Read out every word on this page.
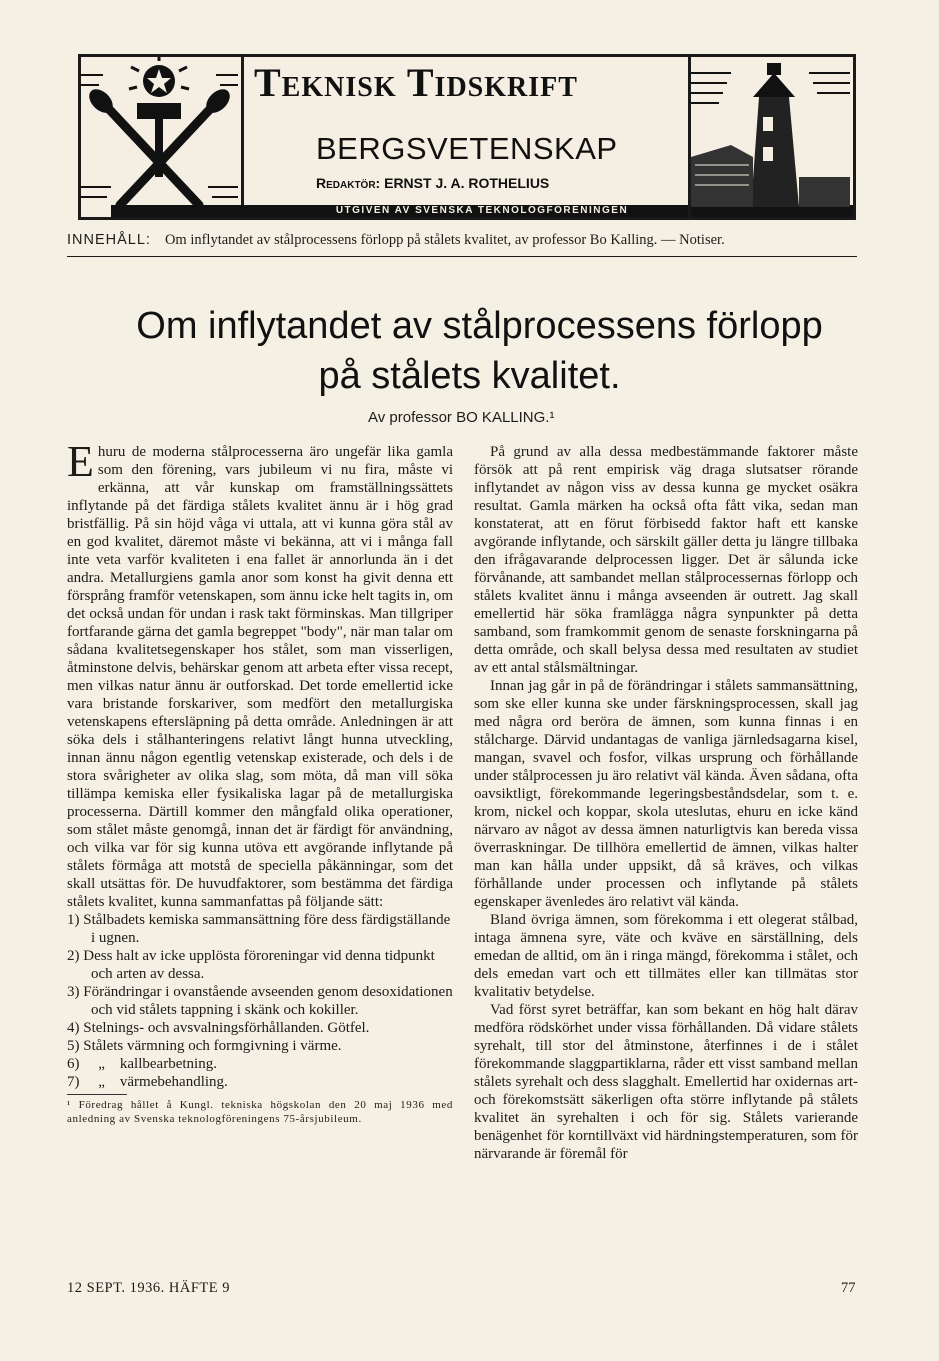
Teknisk Tidskrift
BERGSVETENSKAP
Redaktör: ERNST J. A. ROTHELIUS
UTGIVEN AV SVENSKA TEKNOLOGFÖRENINGEN
INNEHÅLL: Om inflytandet av stålprocessens förlopp på stålets kvalitet, av professor Bo Kalling. — Notiser.
Om inflytandet av stålprocessens förlopp
på stålets kvalitet.
Av professor BO KALLING.¹

Ehuru de moderna stålprocesserna äro ungefär lika gamla som den förening, vars jubileum vi nu fira, måste vi erkänna, att vår kunskap om framställningssättets inflytande på det färdiga stålets kvalitet ännu är i hög grad bristfällig. På sin höjd våga vi uttala, att vi kunna göra stål av en god kvalitet, däremot måste vi bekänna, att vi i många fall inte veta varför kvaliteten i ena fallet är annorlunda än i det andra. Metallurgiens gamla anor som konst ha givit denna ett försprång framför vetenskapen, som ännu icke helt tagits in, om det också undan för undan i rask takt förminskas. Man tillgriper fortfarande gärna det gamla begreppet "body", när man talar om sådana kvalitetsegenskaper hos stålet, som man visserligen, åtminstone delvis, behärskar genom att arbeta efter vissa recept, men vilkas natur ännu är outforskad. Det torde emellertid icke vara bristande forskariver, som medfört den metallurgiska vetenskapens eftersläpning på detta område. Anledningen är att söka dels i stålhanteringens relativt långt hunna utveckling, innan ännu någon egentlig vetenskap existerade, och dels i de stora svårigheter av olika slag, som möta, då man vill söka tillämpa kemiska eller fysikaliska lagar på de metallurgiska processerna. Därtill kommer den mångfald olika operationer, som stålet måste genomgå, innan det är färdigt för användning, och vilka var för sig kunna utöva ett avgörande inflytande på stålets förmåga att motstå de speciella påkänningar, som det skall utsättas för. De huvudfaktorer, som bestämma det färdiga stålets kvalitet, kunna sammanfattas på följande sätt:

1) Stålbadets kemiska sammansättning före dess färdigställande i ugnen.
2) Dess halt av icke upplösta föroreningar vid denna tidpunkt och arten av dessa.
3) Förändringar i ovanstående avseenden genom desoxidationen och vid stålets tappning i skänk och kokiller.
4) Stelnings- och avsvalningsförhållanden. Götfel.
5) Stålets värmning och formgivning i värme.
6)     „    kallbearbetning.
7)     „    värmebehandling.
¹ Föredrag hållet å Kungl. tekniska högskolan den 20 maj 1936 med anledning av Svenska teknologföreningens 75-årsjubileum.

På grund av alla dessa medbestämmande faktorer måste försök att på rent empirisk väg draga slutsatser rörande inflytandet av någon viss av dessa kunna ge mycket osäkra resultat. Gamla märken ha också ofta fått vika, sedan man konstaterat, att en förut förbisedd faktor haft ett kanske avgörande inflytande, och särskilt gäller detta ju längre tillbaka den ifrågavarande delprocessen ligger. Det är sålunda icke förvånande, att sambandet mellan stålprocessernas förlopp och stålets kvalitet ännu i många avseenden är outrett. Jag skall emellertid här söka framlägga några synpunkter på detta samband, som framkommit genom de senaste forskningarna på detta område, och skall belysa dessa med resultaten av studiet av ett antal stålsmältningar.

Innan jag går in på de förändringar i stålets sammansättning, som ske eller kunna ske under färskningsprocessen, skall jag med några ord beröra de ämnen, som kunna finnas i en stålcharge. Därvid undantagas de vanliga järnledsagarna kisel, mangan, svavel och fosfor, vilkas ursprung och förhållande under stålprocessen ju äro relativt väl kända. Även sådana, ofta oavsiktligt, förekommande legeringsbeståndsdelar, som t. e. krom, nickel och koppar, skola uteslutas, ehuru en icke känd närvaro av något av dessa ämnen naturligtvis kan bereda vissa överraskningar. De tillhöra emellertid de ämnen, vilkas halter man kan hålla under uppsikt, då så kräves, och vilkas förhållande under processen och inflytande på stålets egenskaper ävenledes äro relativt väl kända.

Bland övriga ämnen, som förekomma i ett olegerat stålbad, intaga ämnena syre, väte och kväve en särställning, dels emedan de alltid, om än i ringa mängd, förekomma i stålet, och dels emedan vart och ett tillmätes eller kan tillmätas stor kvalitativ betydelse.

Vad först syret beträffar, kan som bekant en hög halt därav medföra rödskörhet under vissa förhållanden. Då vidare stålets syrehalt, till stor del åtminstone, återfinnes i de i stålet förekommande slaggpartiklarna, råder ett visst samband mellan stålets syrehalt och dess slagghalt. Emellertid har oxidernas art- och förekomstsätt säkerligen ofta större inflytande på stålets kvalitet än syrehalten i och för sig. Stålets varierande benägenhet för korntillväxt vid härdningstemperaturen, som för närvarande är föremål för

12 SEPT. 1936. HÄFTE 9	77
